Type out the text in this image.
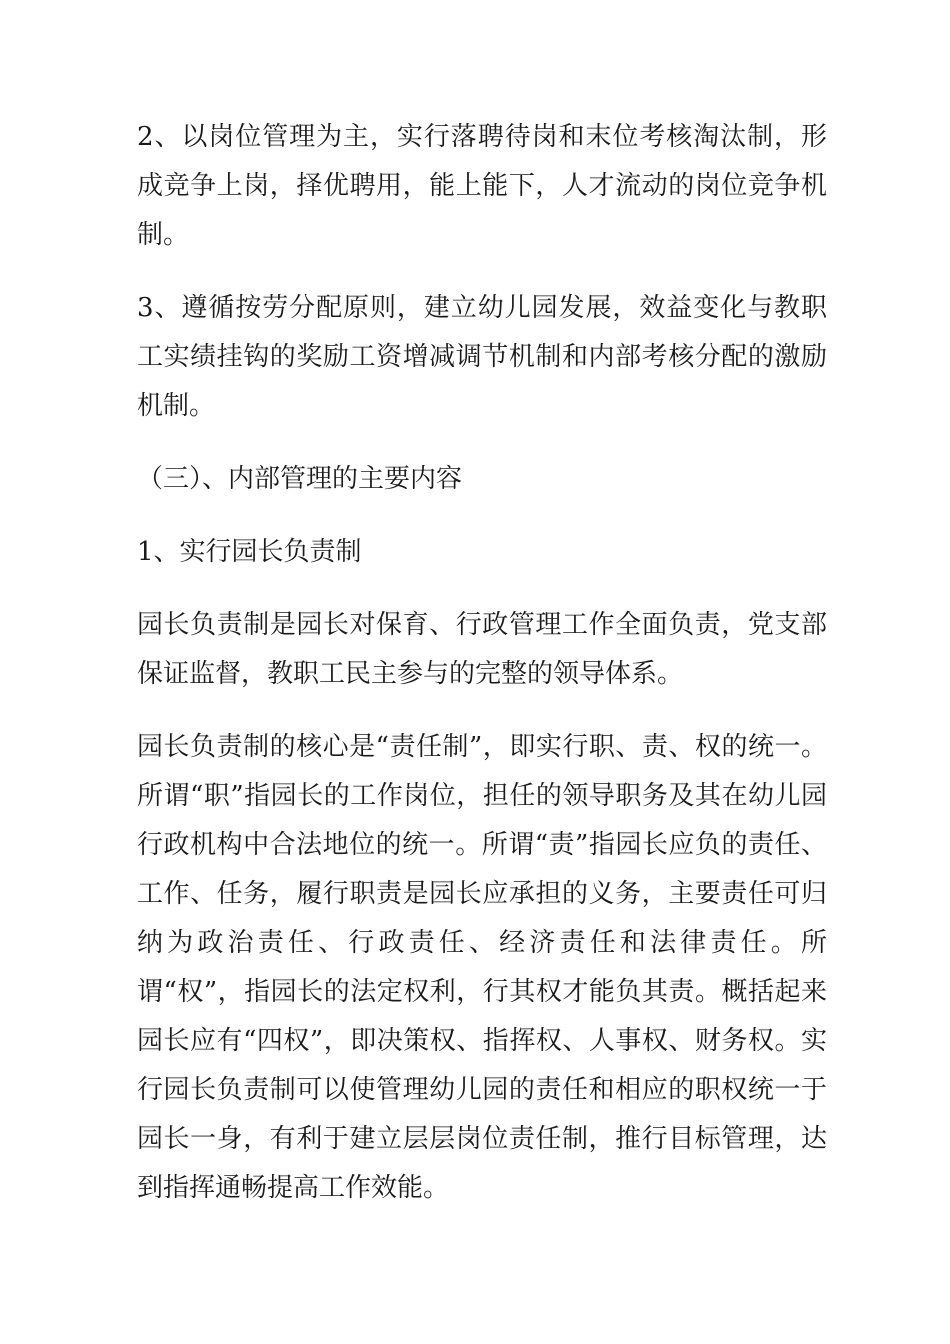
2、以岗位管理为主，实行落聘待岗和末位考核淘汰制，形成竞争上岗，择优聘用，能上能下，人才流动的岗位竞争机制。

3、遵循按劳分配原则，建立幼儿园发展，效益变化与教职工实绩挂钩的奖励工资增减调节机制和内部考核分配的激励机制。

（三）、内部管理的主要内容

1、实行园长负责制

园长负责制是园长对保育、行政管理工作全面负责，党支部保证监督，教职工民主参与的完整的领导体系。

园长负责制的核心是“责任制”，即实行职、责、权的统一。所谓“职”指园长的工作岗位，担任的领导职务及其在幼儿园行政机构中合法地位的统一。所谓“责”指园长应负的责任、工作、任务，履行职责是园长应承担的义务，主要责任可归纳为政治责任、行政责任、经济责任和法律责任。所谓“权”，指园长的法定权利，行其权才能负其责。概括起来园长应有“四权”，即决策权、指挥权、人事权、财务权。实行园长负责制可以使管理幼儿园的责任和相应的职权统一于园长一身，有利于建立层层岗位责任制，推行目标管理，达到指挥通畅提高工作效能。
